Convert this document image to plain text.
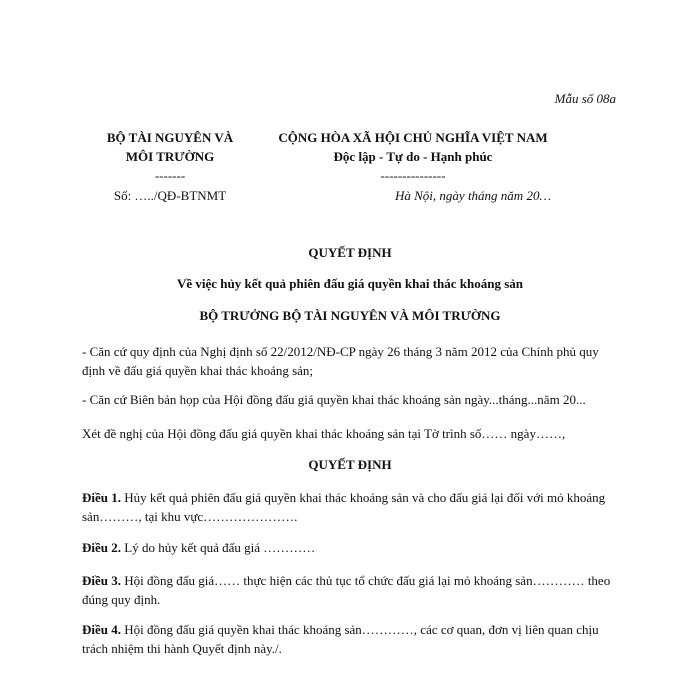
Mẫu số 08a
BỘ TÀI NGUYÊN VÀ
MÔI TRƯỜNG
-------
CỘNG HÒA XÃ HỘI CHỦ NGHĨA VIỆT NAM
Độc lập - Tự do - Hạnh phúc
---------------
Số: …../QĐ-BTNMT	Hà Nội, ngày tháng năm 20…
QUYẾT ĐỊNH
Về việc hủy kết quả phiên đấu giá quyền khai thác khoáng sản
BỘ TRƯỞNG BỘ TÀI NGUYÊN VÀ MÔI TRƯỜNG
- Căn cứ quy định của Nghị định số 22/2012/NĐ-CP ngày 26 tháng 3 năm 2012 của Chính phủ quy định về đấu giá quyền khai thác khoáng sản;
- Căn cứ Biên bản họp của Hội đồng đấu giá quyền khai thác khoáng sản ngày...tháng...năm 20...
Xét đề nghị của Hội đồng đấu giá quyền khai thác khoáng sản tại Tờ trình số…… ngày……,
QUYẾT ĐỊNH
Điều 1. Hủy kết quả phiên đấu giá quyền khai thác khoáng sản và cho đấu giá lại đối với mỏ khoáng sản………, tại khu vực………………….
Điều 2. Lý do hủy kết quả đấu giá …………
Điều 3. Hội đồng đấu giá…… thực hiện các thủ tục tổ chức đấu giá lại mỏ khoáng sản………… theo đúng quy định.
Điều 4. Hội đồng đấu giá quyền khai thác khoáng sản…………, các cơ quan, đơn vị liên quan chịu trách nhiệm thi hành Quyết định này./.
